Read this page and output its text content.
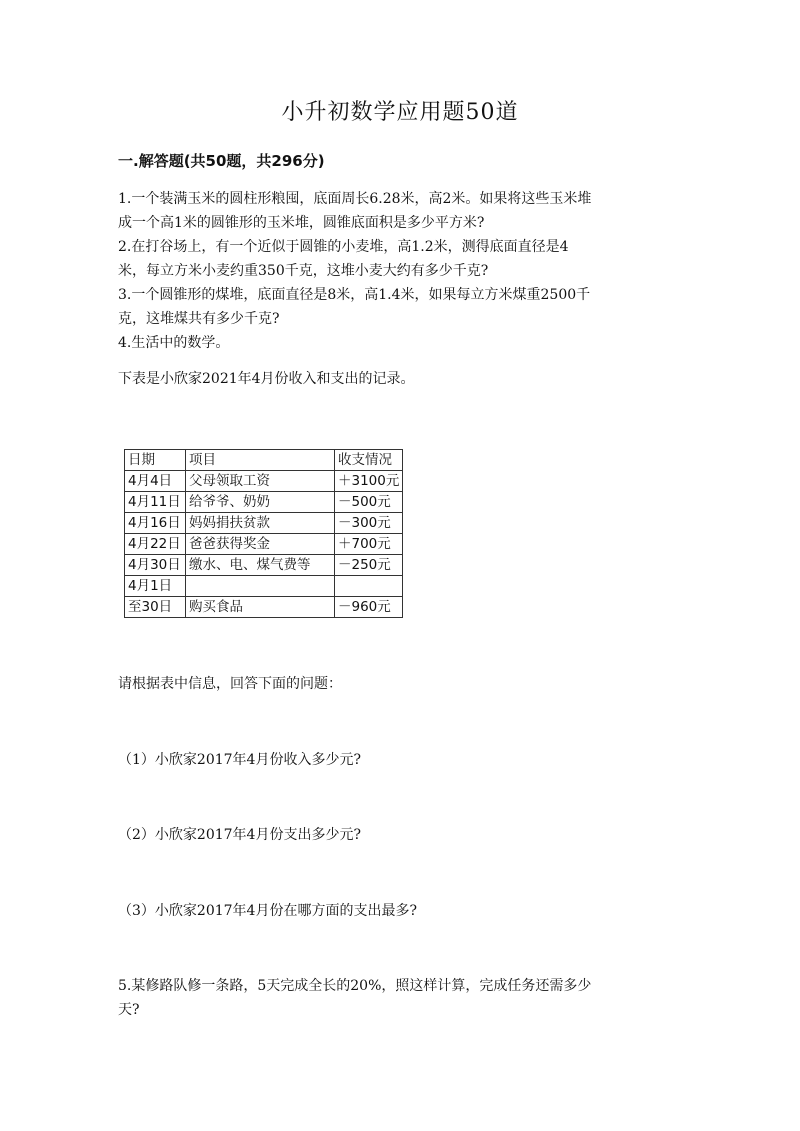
小升初数学应用题50道
一.解答题(共50题，共296分)
1.一个装满玉米的圆柱形粮囤，底面周长6.28米，高2米。如果将这些玉米堆
成一个高1米的圆锥形的玉米堆，圆锥底面积是多少平方米?
2.在打谷场上，有一个近似于圆锥的小麦堆，高1.2米，测得底面直径是4
米，每立方米小麦约重350千克，这堆小麦大约有多少千克?
3.一个圆锥形的煤堆，底面直径是8米，高1.4米，如果每立方米煤重2500千
克，这堆煤共有多少千克?
4.生活中的数学。
下表是小欣家2021年4月份收入和支出的记录。
日期	项目	收支情况
4月4日	父母领取工资	＋3100元
4月11日	给爷爷、奶奶	－500元
4月16日	妈妈捐扶贫款	－300元
4月22日	爸爸获得奖金	＋700元
4月30日	缴水、电、煤气费等	－250元
4月1日		
至30日	购买食品	－960元
请根据表中信息，回答下面的问题：
（1）小欣家2017年4月份收入多少元?
（2）小欣家2017年4月份支出多少元?
（3）小欣家2017年4月份在哪方面的支出最多?
5.某修路队修一条路，5天完成全长的20%，照这样计算，完成任务还需多少
天?
